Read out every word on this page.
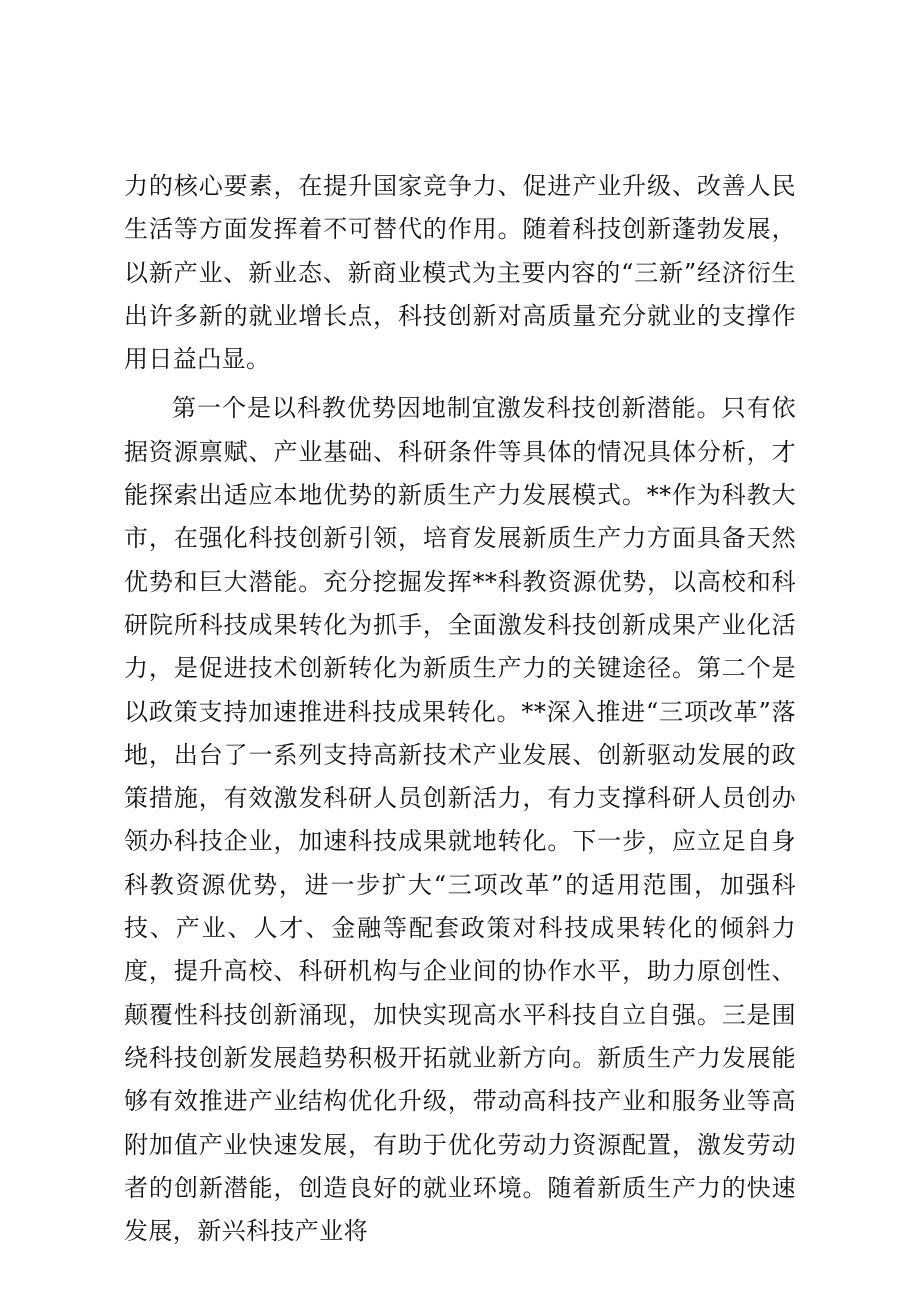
力的核心要素，在提升国家竞争力、促进产业升级、改善人民生活等方面发挥着不可替代的作用。随着科技创新蓬勃发展，以新产业、新业态、新商业模式为主要内容的“三新”经济衍生出许多新的就业增长点，科技创新对高质量充分就业的支撑作用日益凸显。

第一个是以科教优势因地制宜激发科技创新潜能。只有依据资源禀赋、产业基础、科研条件等具体的情况具体分析，才能探索出适应本地优势的新质生产力发展模式。**作为科教大市，在强化科技创新引领，培育发展新质生产力方面具备天然优势和巨大潜能。充分挖掘发挥**科教资源优势，以高校和科研院所科技成果转化为抓手，全面激发科技创新成果产业化活力，是促进技术创新转化为新质生产力的关键途径。第二个是以政策支持加速推进科技成果转化。**深入推进“三项改革”落地，出台了一系列支持高新技术产业发展、创新驱动发展的政策措施，有效激发科研人员创新活力，有力支撑科研人员创办领办科技企业，加速科技成果就地转化。下一步，应立足自身科教资源优势，进一步扩大“三项改革”的适用范围，加强科技、产业、人才、金融等配套政策对科技成果转化的倾斜力度，提升高校、科研机构与企业间的协作水平，助力原创性、颠覆性科技创新涌现，加快实现高水平科技自立自强。三是围绕科技创新发展趋势积极开拓就业新方向。新质生产力发展能够有效推进产业结构优化升级，带动高科技产业和服务业等高附加值产业快速发展，有助于优化劳动力资源配置，激发劳动者的创新潜能，创造良好的就业环境。随着新质生产力的快速发展，新兴科技产业将
